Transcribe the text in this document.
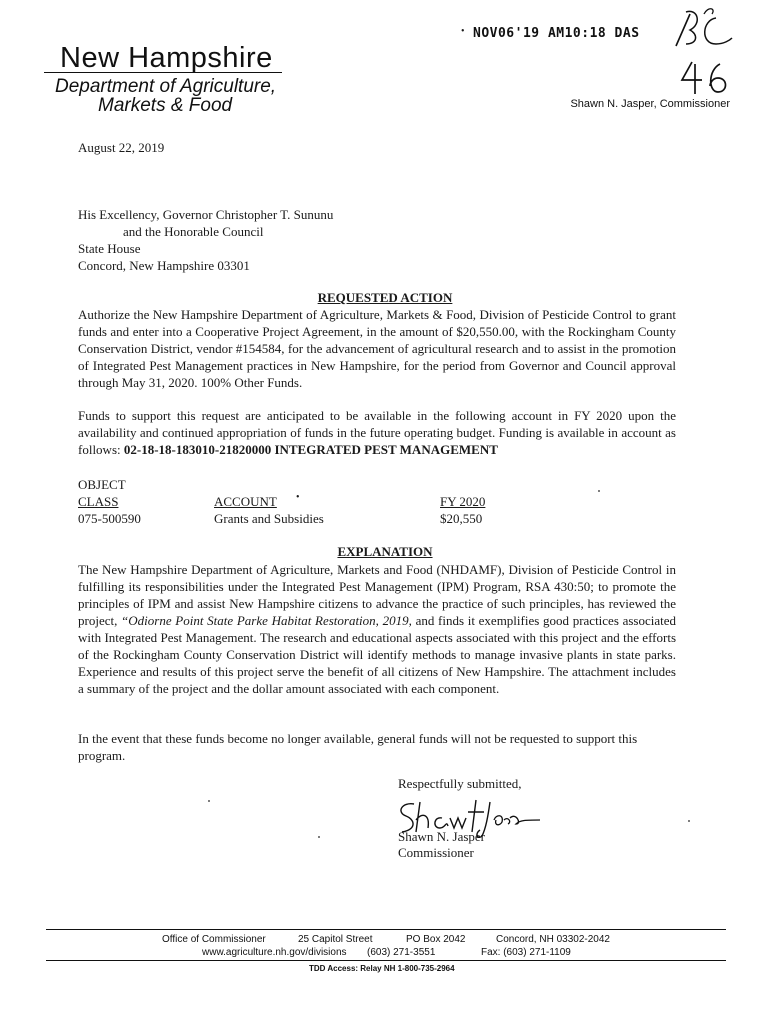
New Hampshire
Department of Agriculture,
Markets & Food
• NOV06'19 AM10:18 DAS
Shawn N. Jasper, Commissioner
August 22, 2019
His Excellency, Governor Christopher T. Sununu
and the Honorable Council
State House
Concord, New Hampshire 03301
REQUESTED ACTION

Authorize the New Hampshire Department of Agriculture, Markets & Food, Division of Pesticide Control to grant funds and enter into a Cooperative Project Agreement, in the amount of $20,550.00, with the Rockingham County Conservation District, vendor #154584, for the advancement of agricultural research and to assist in the promotion of Integrated Pest Management practices in New Hampshire, for the period from Governor and Council approval through May 31, 2020. 100% Other Funds.

Funds to support this request are anticipated to be available in the following account in FY 2020 upon the availability and continued appropriation of funds in the future operating budget. Funding is available in account as follows: 02-18-18-183010-21820000 INTEGRATED PEST MANAGEMENT

OBJECT
CLASS	ACCOUNT •	FY 2020
075-500590	Grants and Subsidies	$20,550
EXPLANATION

The New Hampshire Department of Agriculture, Markets and Food (NHDAMF), Division of Pesticide Control in fulfilling its responsibilities under the Integrated Pest Management (IPM) Program, RSA 430:50; to promote the principles of IPM and assist New Hampshire citizens to advance the practice of such principles, has reviewed the project, “Odiorne Point State Parke Habitat Restoration, 2019, and finds it exemplifies good practices associated with Integrated Pest Management. The research and educational aspects associated with this project and the efforts of the Rockingham County Conservation District will identify methods to manage invasive plants in state parks. Experience and results of this project serve the benefit of all citizens of New Hampshire. The attachment includes a summary of the project and the dollar amount associated with each component.

In the event that these funds become no longer available, general funds will not be requested to support this program.

Respectfully submitted,
Shawn N. Jasper
Commissioner
Office of Commissioner	25 Capitol Street	PO Box 2042	Concord, NH 03302-2042
www.agriculture.nh.gov/divisions (603) 271-3551	Fax: (603) 271-1109
TDD Access: Relay NH 1-800-735-2964
